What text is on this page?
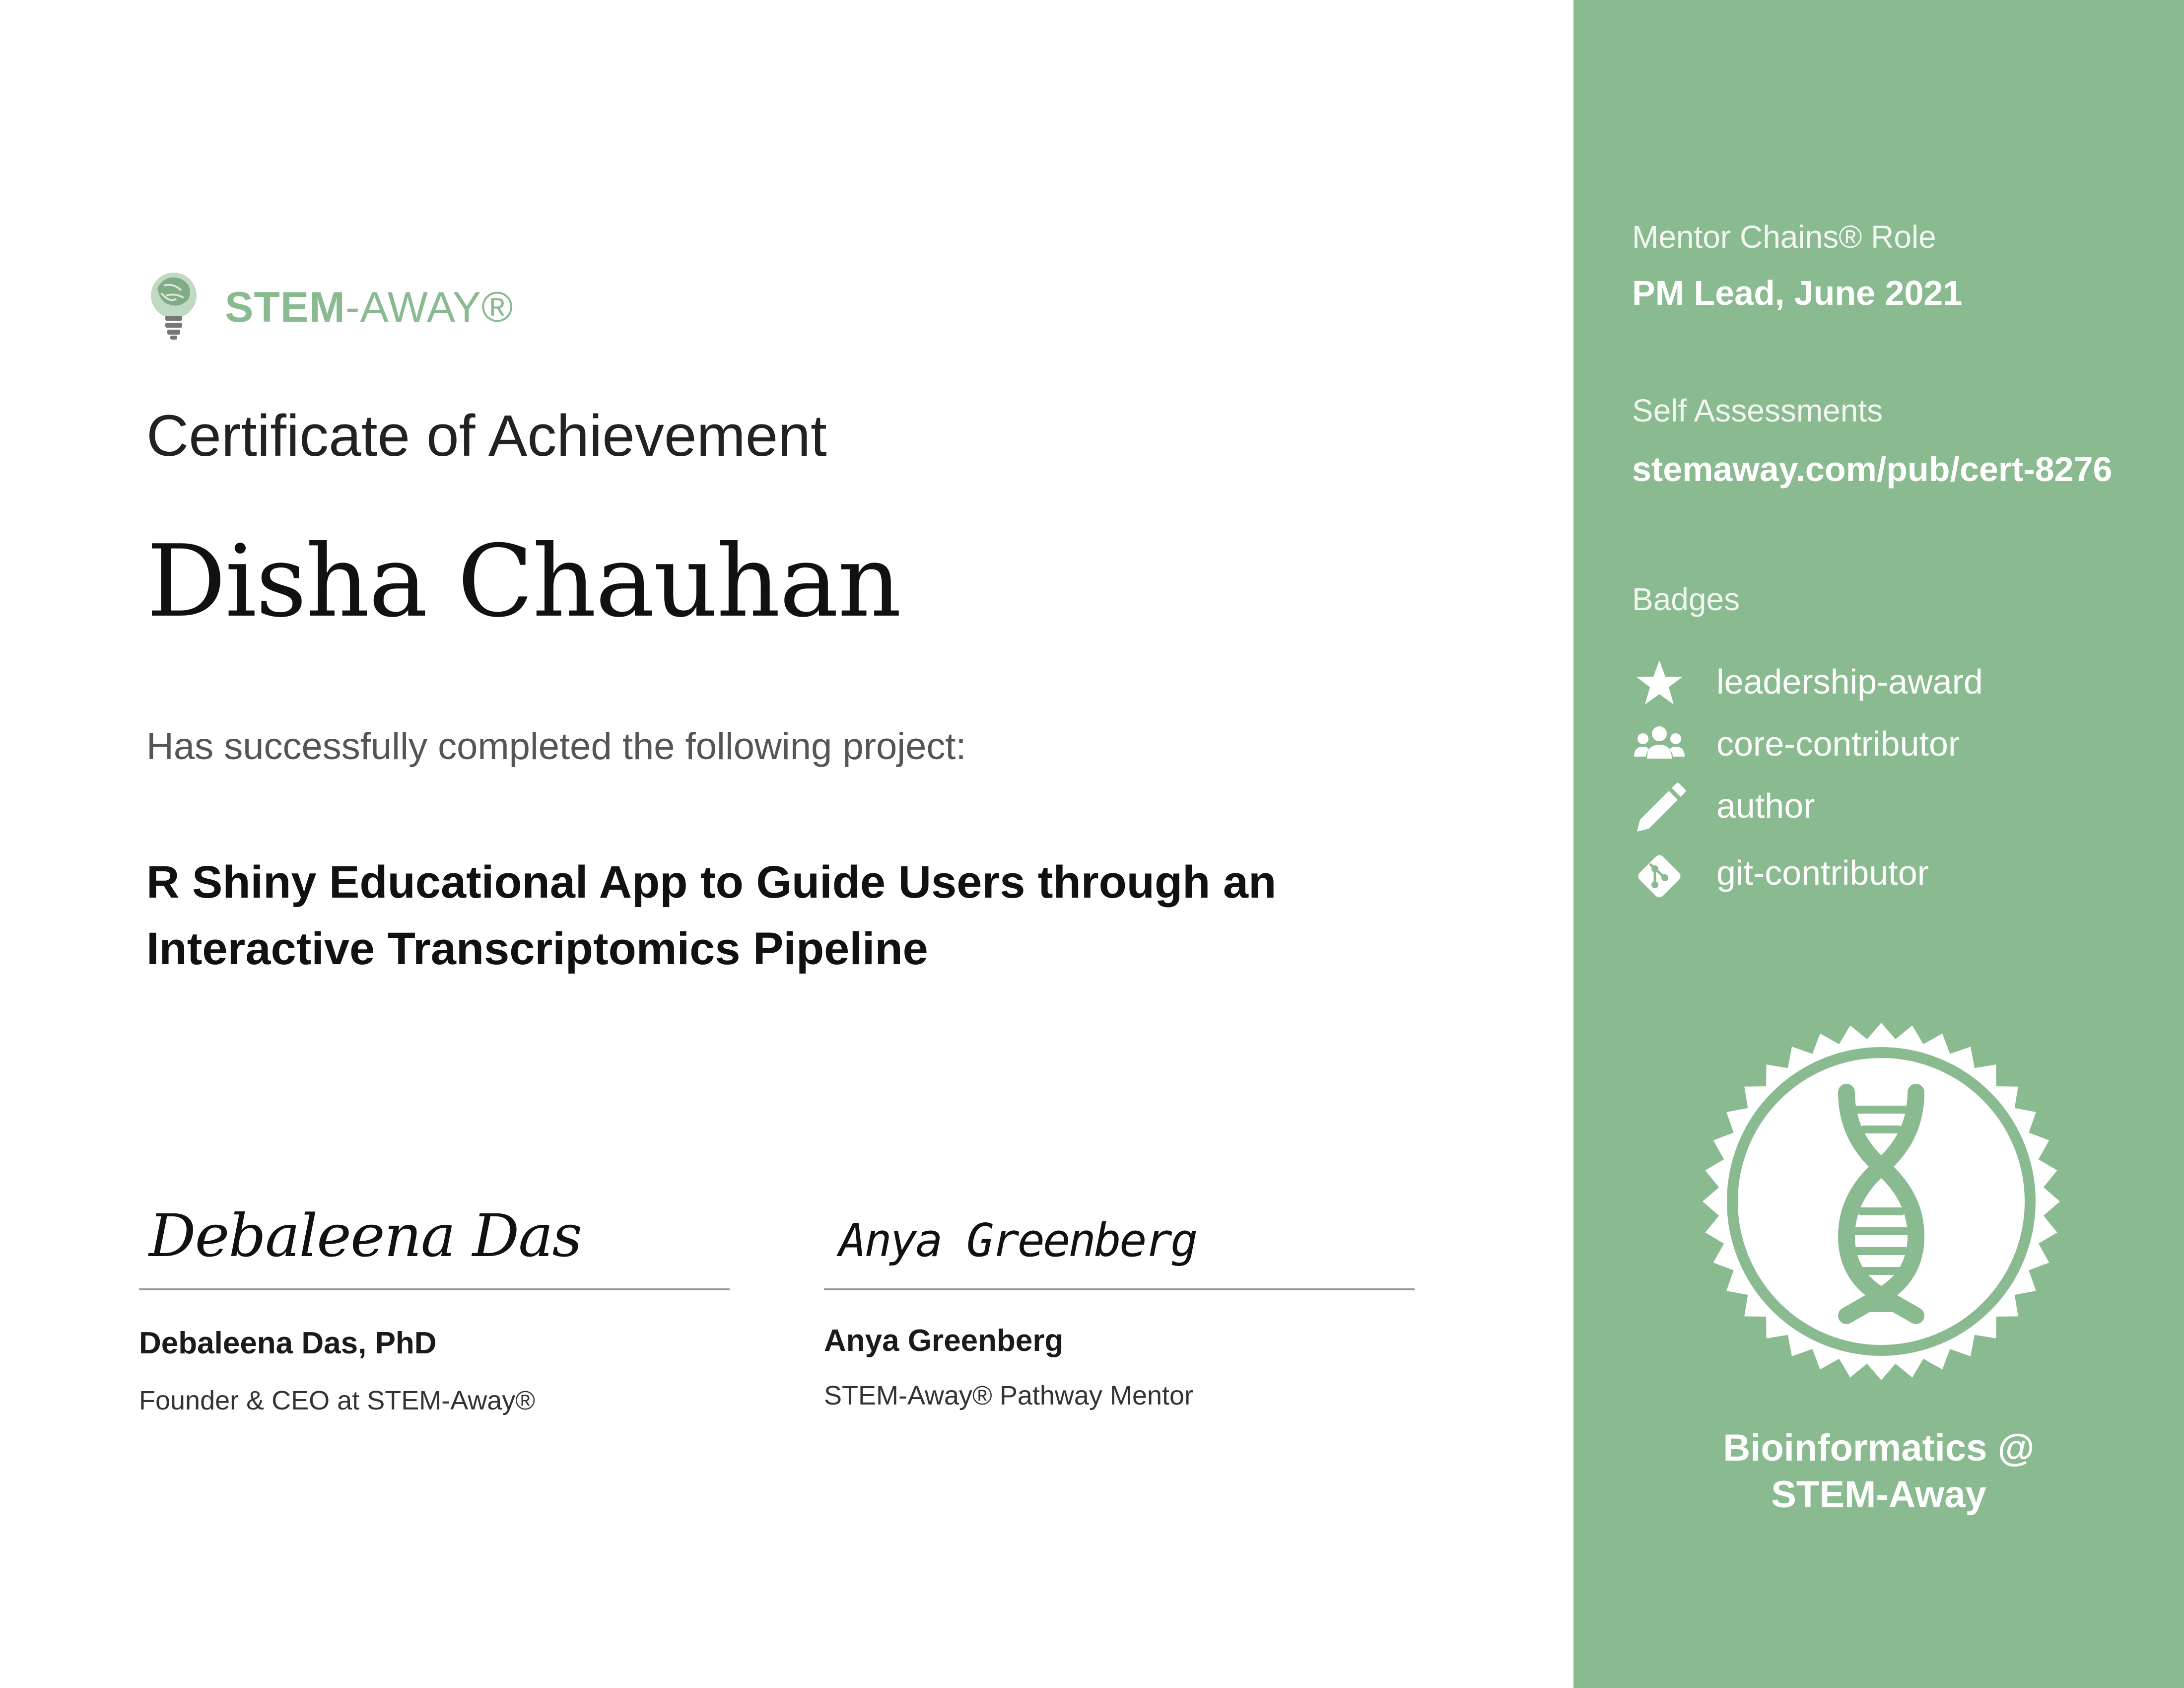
STEM-AWAY®
Certificate of Achievement
Disha Chauhan
Has successfully completed the following project:
R Shiny Educational App to Guide Users through an
Interactive Transcriptomics Pipeline
Debaleena Das
Debaleena Das, PhD
Founder & CEO at STEM-Away®
Anya Greenberg
Anya Greenberg
STEM-Away® Pathway Mentor
Mentor Chains® Role
PM Lead, June 2021
Self Assessments
stemaway.com/pub/cert-8276
Badges
leadership-award
core-contributor
author
git-contributor
Bioinformatics @
STEM-Away
